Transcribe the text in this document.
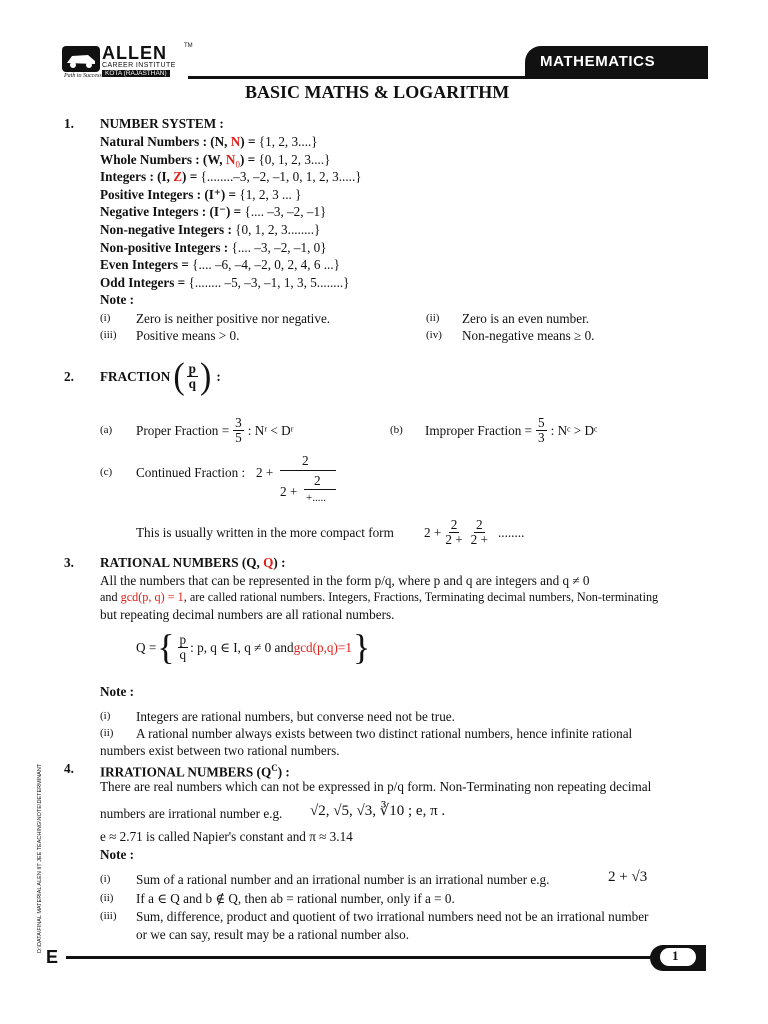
ALLEN	TM
CAREER INSTITUTE
KOTA (RAJASTHAN)
Path to Success
MATHEMATICS
BASIC MATHS & LOGARITHM
D:\DATA\FINAL MATERIAL ALEN IIT JEE TEACHING\NOTE\DETERMINANT
1. NUMBER SYSTEM :
Natural Numbers : (N, N) = {1, 2, 3....}
Whole Numbers : (W, $N_0) = \{0$, 1, 2, 3....}
Integers : (I, Z) = {........–3, –2, –1, 0, 1, 2, 3.....}
Positive Integers : (I⁺) = {1, 2, 3 ... }
Negative Integers : (I⁻) = {.... –3, –2, –1}
Non-negative Integers : {0, 1, 2, 3........}
Non-positive Integers : {.... –3, –2, –1, 0}
Even Integers = {.... –6, –4, –2, 0, 2, 4, 6 ...}
Odd Integers = {........ –5, –3, –1, 1, 3, 5........}
Note :
(i) Zero is neither positive nor negative.	(ii) Zero is an even number.
(iii) Positive means > 0.	(iv) Non-negative means ≥ 0.
2. FRACTION ( $\frac{p}{q}$ ) :
(a) Proper Fraction = $\frac{3}{5}$ : Nʳ < Dʳ	(b) Improper Fraction = $\frac{5}{3}$ : Nᶜ > Dᶜ
(c) Continued Fraction : 2 +
2
2 +
2
+.....
This is usually written in the more compact form $2 + \frac{2}{2 +} \frac{2}{2 +}$ ........
3. RATIONAL NUMBERS (Q, Q) :
All the numbers that can be represented in the form p/q, where p and q are integers and q ≠ 0
and gcd(p, q) = 1, are called rational numbers. Integers, Fractions, Terminating decimal numbers, Non-terminating
but repeating decimal numbers are all rational numbers.
Q = { $\frac{p}{q}$ : p, q ∈ I, q ≠ 0 and gcd(p,q)=1 }
Note :
(i) Integers are rational numbers, but converse need not be true.
(ii) A rational number always exists between two distinct rational numbers, hence infinite rational
numbers exist between two rational numbers.
4. IRRATIONAL NUMBERS $(Q^C)$ :
There are real numbers which can not be expressed in p/q form. Non-Terminating non repeating decimal
numbers are irrational number e.g. √2, √5, √3, ∛10 ; e, π .
e ≈ 2.71 is called Napier's constant and π ≈ 3.14
Note :
(i) Sum of a rational number and an irrational number is an irrational number e.g.	2 + √3
(ii) If a ∈ Q and b ∉ Q, then ab = rational number, only if a = 0.
(iii) Sum, difference, product and quotient of two irrational numbers need not be an irrational number
or we can say, result may be a rational number also.
E	1
